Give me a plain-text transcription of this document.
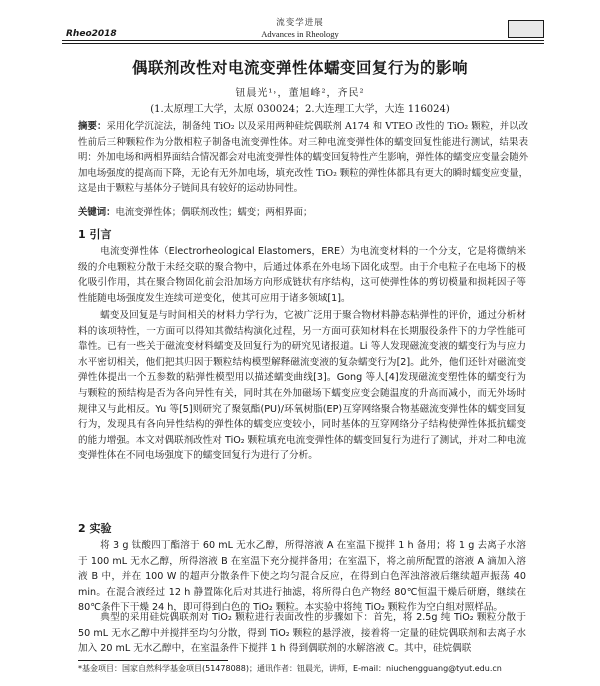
Rheo2018
流变学进展
Advances in Rheology
偶联剂改性对电流变弹性体蠕变回复行为的影响
钮晨光¹˒，董旭峰²，齐民²
(1.太原理工大学，太原 030024；2.大连理工大学，大连 116024)
摘要：采用化学沉淀法，制备纯 TiO₂ 以及采用两种硅烷偶联剂 A174 和 VTEO 改性的 TiO₂ 颗粒，并以改性前后三种颗粒作为分散相粒子制备电流变弹性体。对三种电流变弹性体的蠕变回复性能进行测试，结果表明：外加电场和两相界面结合情况都会对电流变弹性体的蠕变回复特性产生影响，弹性体的蠕变应变量会随外加电场强度的提高而下降，无论有无外加电场，填充改性 TiO₂ 颗粒的弹性体都具有更大的瞬时蠕变应变量，这是由于颗粒与基体分子链间具有较好的运动协同性。
关键词：电流变弹性体；偶联剂改性；蠕变；两相界面；
1 引言
电流变弹性体（Electrorheological Elastomers，ERE）为电流变材料的一个分支，它是将微纳米级的介电颗粒分散于未经交联的聚合物中，后通过体系在外电场下固化成型。由于介电粒子在电场下的极化吸引作用，其在聚合物固化前会沿加场方向形成链状有序结构，这可使弹性体的剪切模量和损耗因子等性能随电场强度发生连续可逆变化，使其可应用于诸多领域[1]。
蠕变及回复是与时间相关的材料力学行为，它被广泛用于聚合物材料静态粘弹性的评价，通过分析材料的该项特性，一方面可以得知其微结构演化过程，另一方面可获知材料在长期服役条件下的力学性能可靠性。已有一些关于磁流变材料蠕变及回复行为的研究见诸报道。Li 等人发现磁流变液的蠕变行为与应力水平密切相关，他们把其归因于颗粒结构模型解释磁流变液的复杂蠕变行为[2]。此外，他们还针对磁流变弹性体提出一个五参数的粘弹性模型用以描述蠕变曲线[3]。Gong 等人[4]发现磁流变塑性体的蠕变行为与颗粒的预结构是否为各向异性有关，同时其在外加磁场下蠕变应变会随温度的升高而减小，而无外场时规律又与此相反。Yu 等[5]则研究了聚氨酯(PU)/环氧树脂(EP)互穿网络聚合物基磁流变弹性体的蠕变回复行为，发现具有各向异性结构的弹性体的蠕变应变较小，同时基体的互穿网络分子结构使弹性体抵抗蠕变的能力增强。本文对偶联剂改性对 TiO₂ 颗粒填充电流变弹性体的蠕变回复行为进行了测试，并对二种电流变弹性体在不同电场强度下的蠕变回复行为进行了分析。
2 实验
将 3 g 钛酸四丁酯溶于 60 mL 无水乙醇，所得溶液 A 在室温下搅拌 1 h 备用；将 1 g 去离子水溶于 100 mL 无水乙醇，所得溶液 B 在室温下充分搅拌备用；在室温下，将之前所配置的溶液 A 滴加入溶液 B 中，并在 100 W 的超声分散条件下使之均匀混合反应，在得到白色浑浊溶液后继续超声振荡 40 min。在混合液经过 12 h 静置陈化后对其进行抽滤，将所得白色产物经 80℃恒温干燥后研磨，继续在 80℃条件下干燥 24 h，即可得到白色的 TiO₂ 颗粒。本实验中将纯 TiO₂ 颗粒作为空白组对照样品。
典型的采用硅烷偶联剂对 TiO₂ 颗粒进行表面改性的步骤如下：首先，将 2.5g 纯 TiO₂ 颗粒分散于 50 mL 无水乙醇中并搅拌至均匀分散，得到 TiO₂ 颗粒的悬浮液，接着将一定量的硅烷偶联剂和去离子水加入 20 mL 无水乙醇中，在室温条件下搅拌 1 h 得到偶联剂的水解溶液 C。其中，硅烷偶联
*基金项目：国家自然科学基金项目(51478088)；通讯作者：钮晨光，讲师，E-mail：niuchengguang@tyut.edu.cn
